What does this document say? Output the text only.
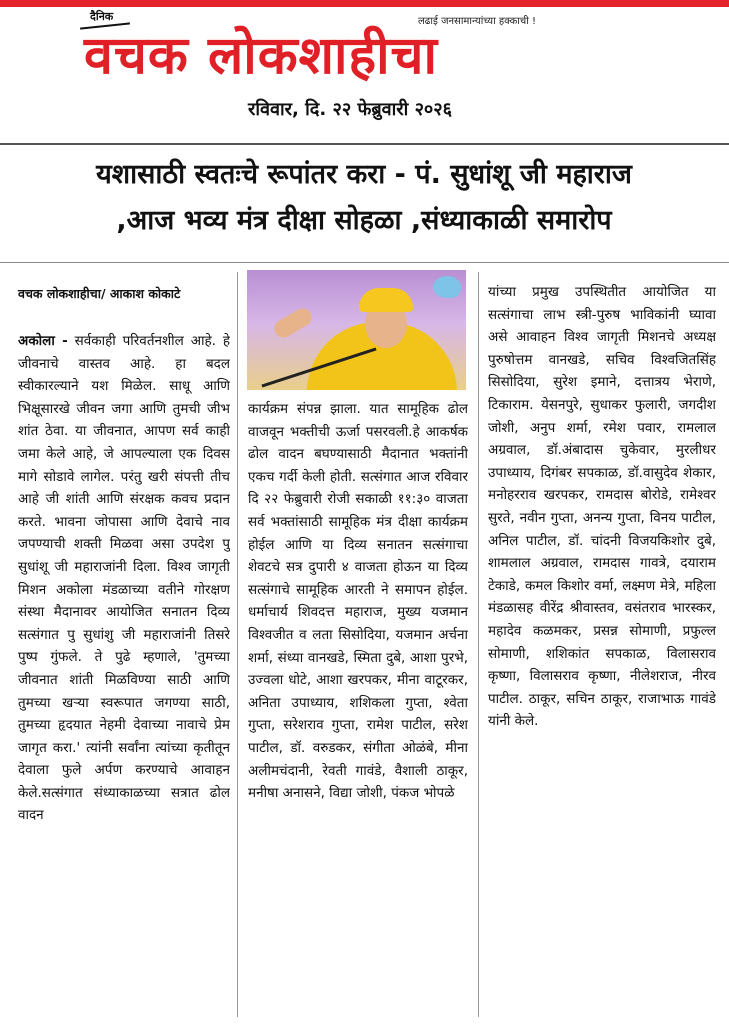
दैनिक	लढाई जनसामान्यांच्या हक्काची !
वचक लोकशाहीचा
रविवार, दि. २२ फेब्रुवारी २०२६
यशासाठी स्वतःचे रूपांतर करा - पं. सुधांशू जी महाराज
,आज भव्य मंत्र दीक्षा सोहळा ,संध्याकाळी समारोप
वचक लोकशाहीचा/ आकाश कोकाटे
अकोला - सर्वकाही परिवर्तनशील आहे. हे जीवनाचे वास्तव आहे. हा बदल स्वीकारल्याने यश मिळेल. साधू आणि भिक्षूसारखे जीवन जगा आणि तुमची जीभ शांत ठेवा. या जीवनात, आपण सर्व काही जमा केले आहे, जे आपल्याला एक दिवस मागे सोडावे लागेल. परंतु खरी संपत्ती तीच आहे जी शांती आणि संरक्षक कवच प्रदान करते. भावना जोपासा आणि देवाचे नाव जपण्याची शक्ती मिळवा असा उपदेश पु सुधांशू जी महाराजांनी दिला. विश्व जागृती मिशन अकोला मंडळाच्या वतीने गोरक्षण संस्था मैदानावर आयोजित सनातन दिव्य सत्संगात पु सुधांशु जी महाराजांनी तिसरे पुष्प गुंफले. ते पुढे म्हणाले, 'तुमच्या जीवनात शांती मिळविण्या साठी आणि तुमच्या खऱ्या स्वरूपात जगण्या साठी, तुमच्या हृदयात नेहमी देवाच्या नावाचे प्रेम जागृत करा.' त्यांनी सर्वांना त्यांच्या कृतीतून देवाला फुले अर्पण करण्याचे आवाहन केले.सत्संगात संध्याकाळच्या सत्रात ढोल वादन
कार्यक्रम संपन्न झाला. यात सामूहिक ढोल वाजवून भक्तीची ऊर्जा पसरवली.हे आकर्षक ढोल वादन बघण्यासाठी मैदानात भक्तांनी एकच गर्दी केली होती. सत्संगात आज रविवार दि २२ फेब्रुवारी रोजी सकाळी ११:३० वाजता सर्व भक्तांसाठी सामूहिक मंत्र दीक्षा कार्यक्रम होईल आणि या दिव्य सनातन सत्संगाचा शेवटचे सत्र दुपारी ४ वाजता होऊन या दिव्य सत्संगाचे सामूहिक आरती ने समापन होईल. धर्माचार्य शिवदत्त महाराज, मुख्य यजमान विश्वजीत व लता सिसोदिया, यजमान अर्चना शर्मा, संध्या वानखडे, स्मिता दुबे, आशा पुरभे, उज्वला धोटे, आशा खरपकर, मीना वाटूरकर, अनिता उपाध्याय, शशिकला गुप्ता, श्वेता गुप्ता, सरेशराव गुप्ता, रामेश पाटील, सरेश पाटील, डॉ. वरुडकर, संगीता ओळंबे, मीना अलीमचंदानी, रेवती गावंडे, वैशाली ठाकूर, मनीषा अनासने, विद्या जोशी, पंकज भोपळे
यांच्या प्रमुख उपस्थितीत आयोजित या सत्संगाचा लाभ स्त्री-पुरुष भाविकांनी घ्यावा असे आवाहन विश्व जागृती मिशनचे अध्यक्ष पुरुषोत्तम वानखडे, सचिव विश्वजितसिंह सिसोदिया, सुरेश इमाने, दत्तात्रय भेराणे, टिकाराम. येसनपुरे, सुधाकर फुलारी, जगदीश जोशी, अनुप शर्मा, रमेश पवार, रामलाल अग्रवाल, डॉ.अंबादास चुकेवार, मुरलीधर उपाध्याय, दिगंबर सपकाळ, डॉ.वासुदेव शेकार, मनोहरराव खरपकर, रामदास बोरोडे, रामेश्वर सुरते, नवीन गुप्ता, अनन्य गुप्ता, विनय पाटील, अनिल पाटील, डॉ. चांदनी विजयकिशोर दुबे, शामलाल अग्रवाल, रामदास गावत्रे, दयाराम टेकाडे, कमल किशोर वर्मा, लक्ष्मण मेत्रे, महिला मंडळासह वीरेंद्र श्रीवास्तव, वसंतराव भारस्कर, महादेव कळमकर, प्रसन्न सोमाणी, प्रफुल्ल सोमाणी, शशिकांत सपकाळ, विलासराव कृष्णा, विलासराव कृष्णा, नीलेशराज, नीरव पाटील. ठाकूर, सचिन ठाकूर, राजाभाऊ गावंडे यांनी केले.
